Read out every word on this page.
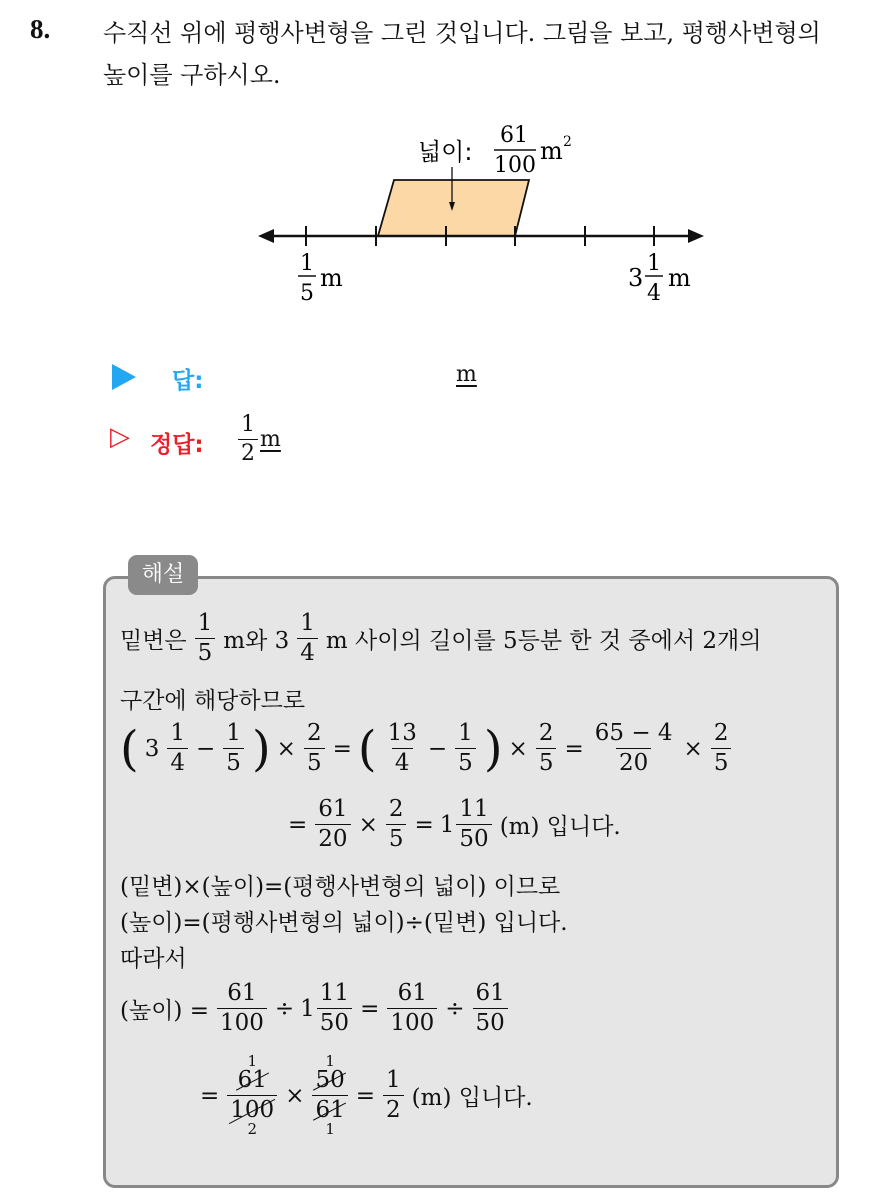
8. 수직선 위에 평행사변형을 그린 것입니다. 그림을 보고, 평행사변형의
높이를 구하시오.
넓이:
61
100
m 2
1
5
m	3
1
4
m
답:	m
▷ 정답: $\frac{1}{2}$ m
해설
밑변은 $\frac{1}{5}$ m와 $3 \frac{1}{4}$ m 사이의 길이를 5등분 한 것 중에서 2개의
구간에 해당하므로
( $3 \frac{1}{4} - \frac{1}{5}$ ) × $\frac{2}{5}$ = ( $\frac{13}{4} - \frac{1}{5}$ ) × $\frac{2}{5} = \frac{65 - 4}{20} \times \frac{2}{5}$
= $\frac{61}{20} \times \frac{2}{5} = 1 \frac{11}{50} (m)$ 입니다.
(밑변)×(높이)=(평행사변형의 넓이) 이므로
(높이)=(평행사변형의 넓이)÷(밑변) 입니다.
따라서
(높이) = $\frac{61}{100} \div 1 \frac{11}{50} = \frac{61}{100} \div \frac{61}{50}$
=
1
61
100
2
×
1
50
61
1
= $\frac{1}{2} (m)$ 입니다.
